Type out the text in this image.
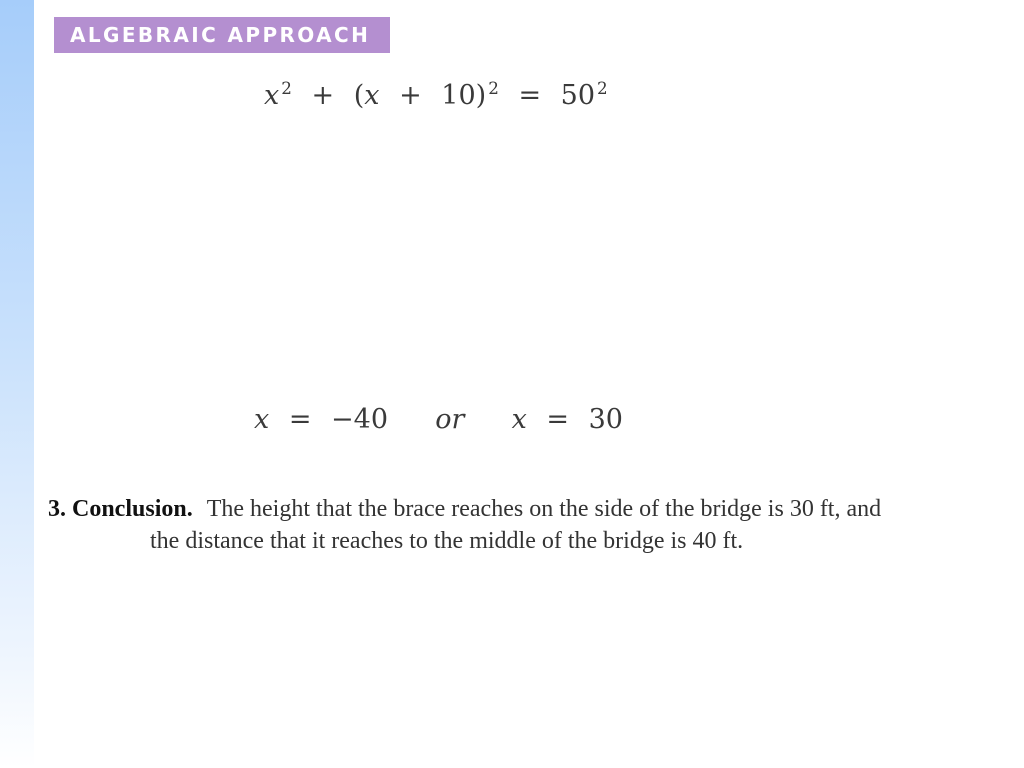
ALGEBRAIC APPROACH
x $^2$ + (x + 10) $^2$ = 50 $^2$
x = −40 or x = 30
3. Conclusion. The height that the brace reaches on the side of the bridge is 30 ft, and
the distance that it reaches to the middle of the bridge is 40 ft.
